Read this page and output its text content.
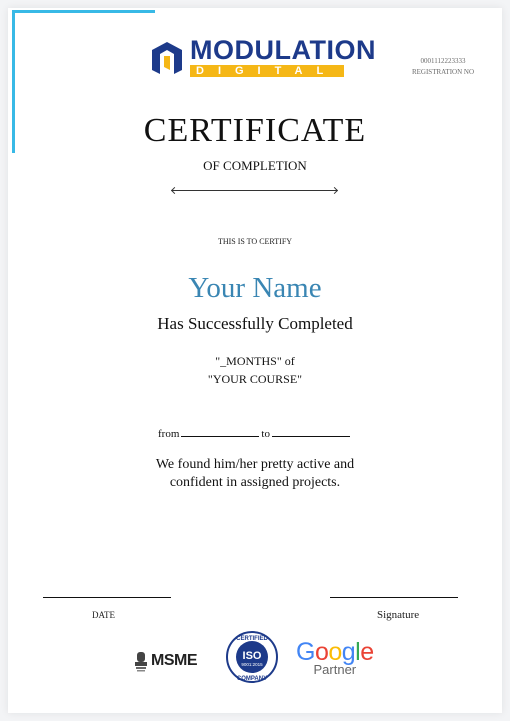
MODULATION
DIGITAL
0001112223333
REGISTRATION NO
CERTIFICATE
OF COMPLETION
THIS IS TO CERTIFY
Your Name
Has Successfully Completed
"_MONTHS" of
"YOUR COURSE"
from	to
We found him/her pretty active and
confident in assigned projects.
DATE	Signature
MSME
CERTIFIED
ISO
9001:2015
COMPANY
Google
Partner
